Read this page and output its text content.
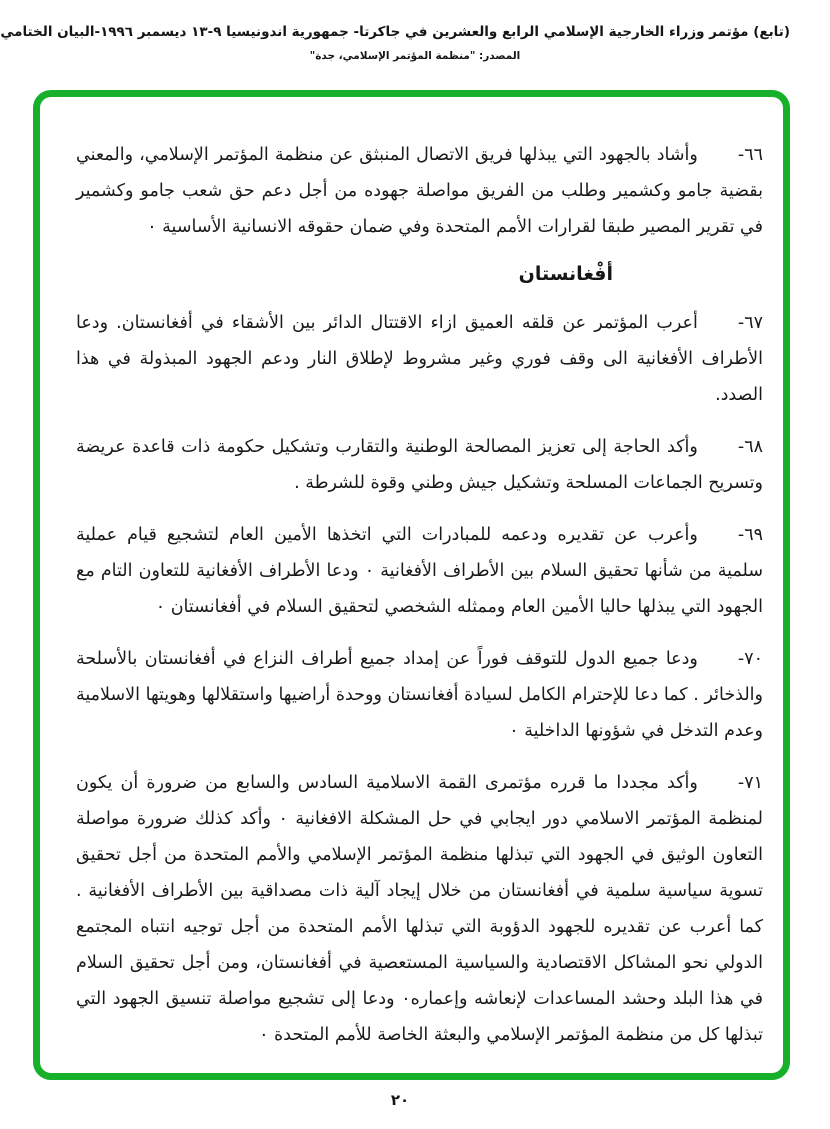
(تابع) مؤتمر وزراء الخارجية الإسلامي الرابع والعشرين في جاكرتا- جمهورية اندونيسيا ٩-١٣ ديسمبر ١٩٩٦-البيان الختامي
المصدر: "منظمة المؤتمر الإسلامي، جدة"

٦٦-وأشاد بالجهود التي يبذلها فريق الاتصال المنبثق عن منظمة المؤتمر الإسلامي، والمعني بقضية جامو وكشمير وطلب من الفريق مواصلة جهوده من أجل دعم حق شعب جامو وكشمير في تقرير المصير طبقا لقرارات الأمم المتحدة وفي ضمان حقوقه الانسانية الأساسية ٠

أفْغانستان

٦٧-أعرب المؤتمر عن قلقه العميق ازاء الاقتتال الدائر بين الأشقاء في أفغانستان. ودعا الأطراف الأفغانية الى وقف فوري وغير مشروط لإطلاق النار ودعم الجهود المبذولة في هذا الصدد.

٦٨-وأكد الحاجة إلى تعزيز المصالحة الوطنية والتقارب وتشكيل حكومة ذات قاعدة عريضة وتسريح الجماعات المسلحة وتشكيل جيش وطني وقوة للشرطة .

٦٩-وأعرب عن تقديره ودعمه للمبادرات التي اتخذها الأمين العام لتشجيع قيام عملية سلمية من شأنها تحقيق السلام بين الأطراف الأفغانية ٠ ودعا الأطراف الأفغانية للتعاون التام مع الجهود التي يبذلها حاليا الأمين العام وممثله الشخصي لتحقيق السلام في أفغانستان ٠

٧٠-ودعا جميع الدول للتوقف فوراً عن إمداد جميع أطراف النزاع في أفغانستان بالأسلحة والذخائر . كما دعا للإحترام الكامل لسيادة أفغانستان ووحدة أراضيها واستقلالها وهويتها الاسلامية وعدم التدخل في شؤونها الداخلية ٠

٧١-وأكد مجددا ما قرره مؤتمرى القمة الاسلامية السادس والسابع من ضرورة أن يكون لمنظمة المؤتمر الاسلامي دور ايجابي في حل المشكلة الافغانية ٠ وأكد كذلك ضرورة مواصلة التعاون الوثيق في الجهود التي تبذلها منظمة المؤتمر الإسلامي والأمم المتحدة من أجل تحقيق تسوية سياسية سلمية في أفغانستان من خلال إيجاد آلية ذات مصداقية بين الأطراف الأفغانية . كما أعرب عن تقديره للجهود الدؤوبة التي تبذلها الأمم المتحدة من أجل توجيه انتباه المجتمع الدولي نحو المشاكل الاقتصادية والسياسية المستعصية في أفغانستان، ومن أجل تحقيق السلام في هذا البلد وحشد المساعدات لإنعاشه وإعماره٠ ودعا إلى تشجيع مواصلة تنسيق الجهود التي تبذلها كل من منظمة المؤتمر الإسلامي والبعثة الخاصة للأمم المتحدة ٠

٢٠
